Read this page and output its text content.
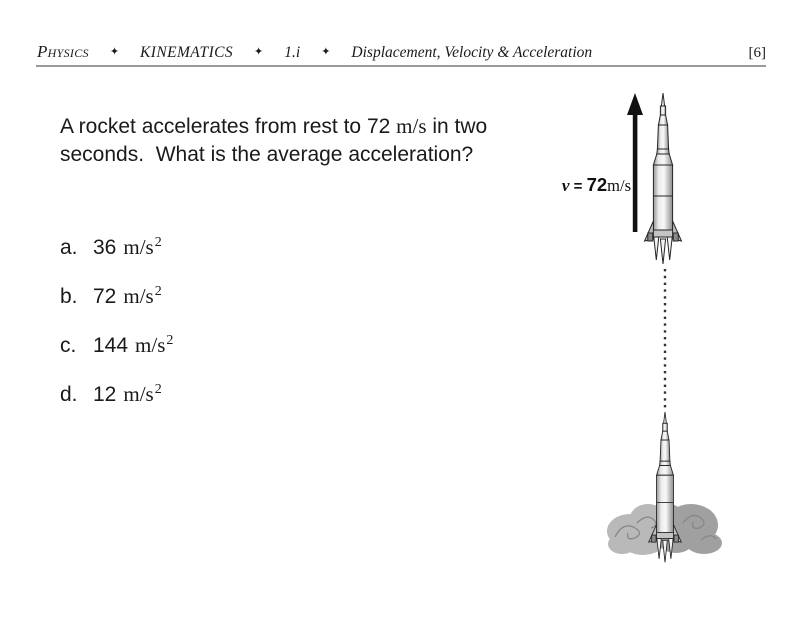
Physics ✦ KINEMATICS ✦ 1.i ✦ Displacement, Velocity & Acceleration	[6]
A rocket accelerates from rest to 72 m/s in two seconds.  What is the average acceleration?
a. 36 m/s 2
b. 72 m/s 2
c. 144 m/s 2
d. 12 m/s 2
v = 72m/s
